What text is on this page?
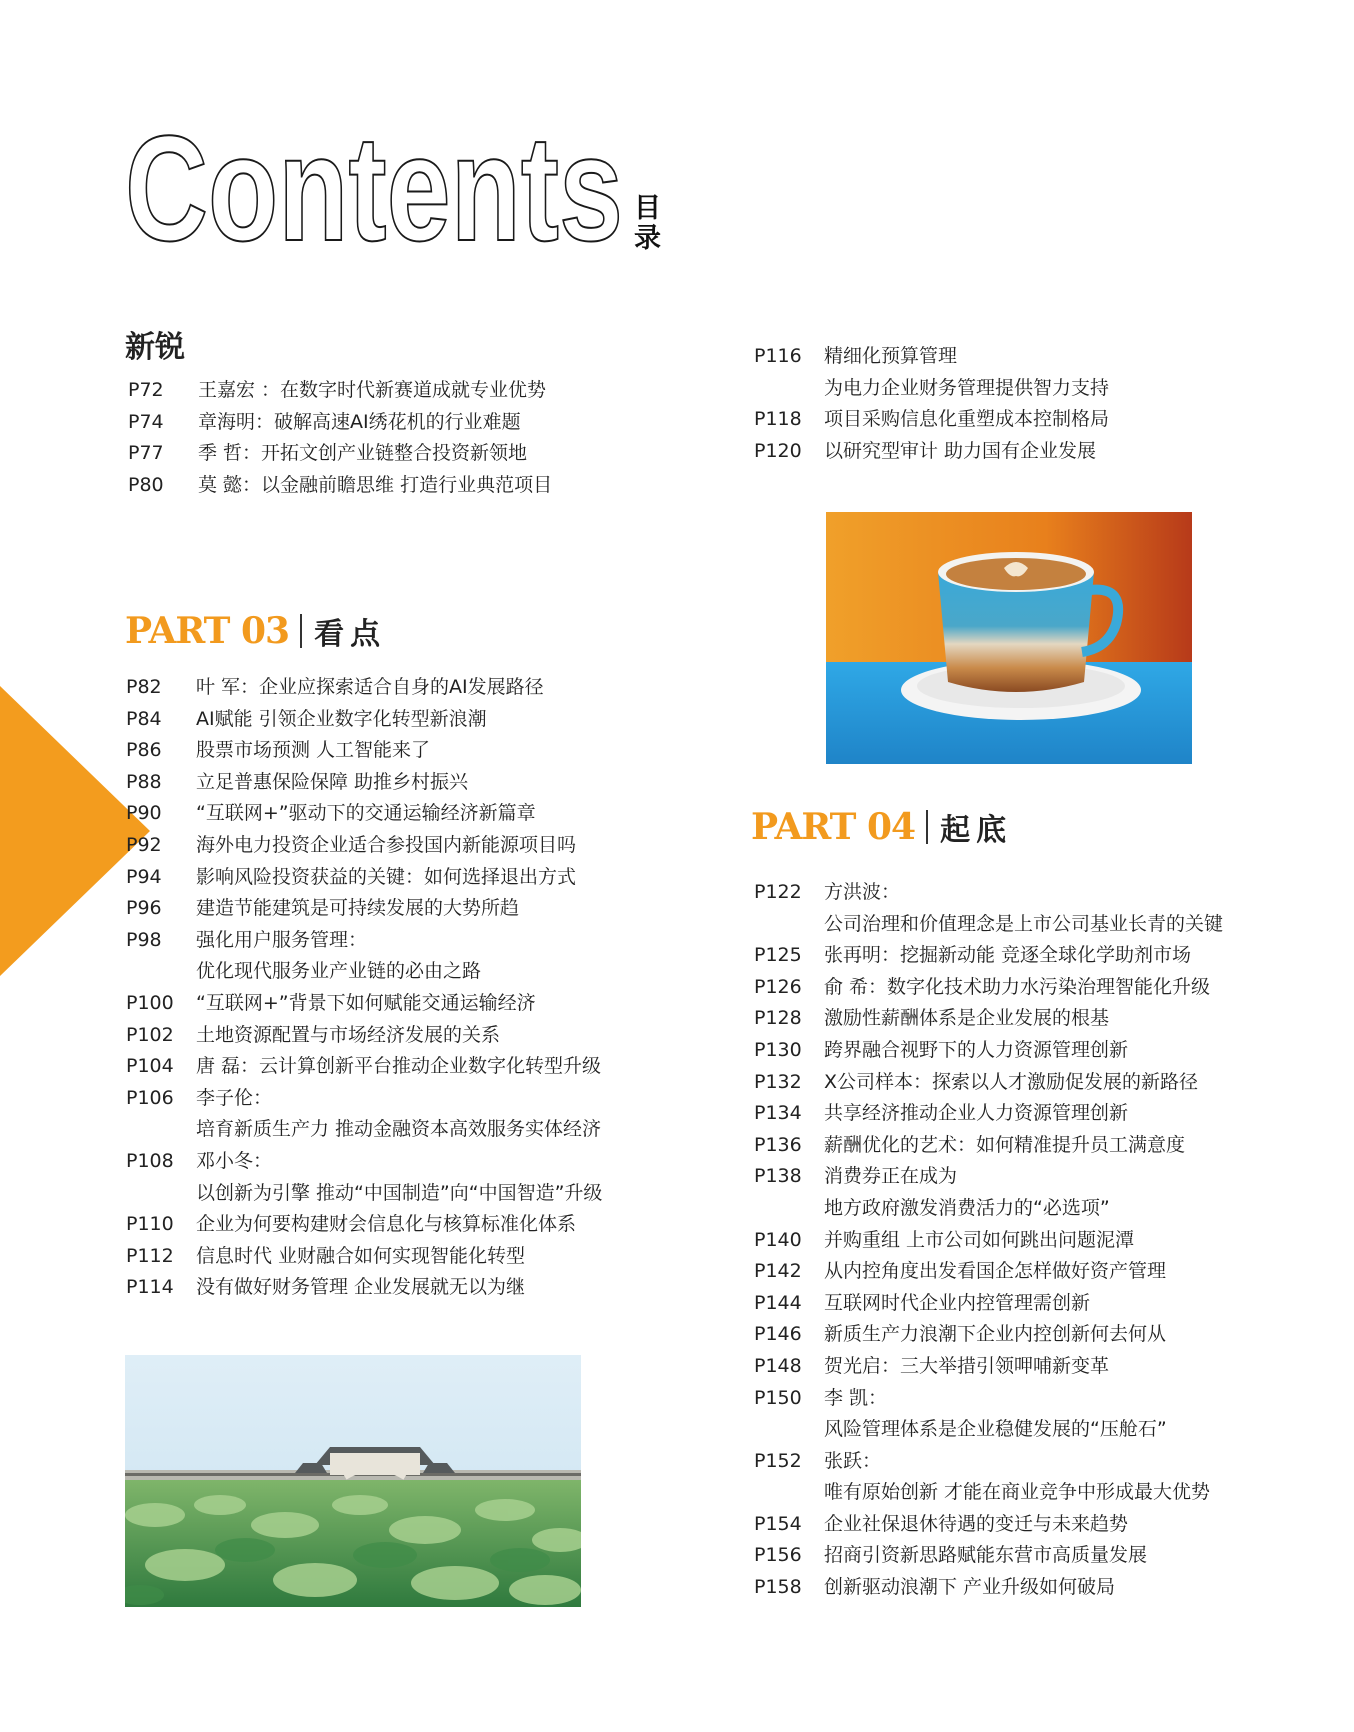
Contents 目
录
新锐
P72	王嘉宏 ：在数字时代新赛道成就专业优势
P74	章海明：破解高速AI绣花机的行业难题
P77	季 哲：开拓文创产业链整合投资新领地
P80	莫 懿：以金融前瞻思维 打造行业典范项目
PART 03 看点
P82	叶 军：企业应探索适合自身的AI发展路径
P84	AI赋能 引领企业数字化转型新浪潮
P86	股票市场预测 人工智能来了
P88	立足普惠保险保障 助推乡村振兴
P90	“互联网+”驱动下的交通运输经济新篇章
P92	海外电力投资企业适合参投国内新能源项目吗
P94	影响风险投资获益的关键：如何选择退出方式
P96	建造节能建筑是可持续发展的大势所趋
P98	强化用户服务管理：
优化现代服务业产业链的必由之路
P100	“互联网+”背景下如何赋能交通运输经济
P102	土地资源配置与市场经济发展的关系
P104	唐 磊：云计算创新平台推动企业数字化转型升级
P106	李子伦：
培育新质生产力 推动金融资本高效服务实体经济
P108	邓小冬：
以创新为引擎 推动“中国制造”向“中国智造”升级
P110	企业为何要构建财会信息化与核算标准化体系
P112	信息时代 业财融合如何实现智能化转型
P114	没有做好财务管理 企业发展就无以为继
P116	精细化预算管理
为电力企业财务管理提供智力支持
P118	项目采购信息化重塑成本控制格局
P120	以研究型审计 助力国有企业发展
PART 04 起底
P122	方洪波：
公司治理和价值理念是上市公司基业长青的关键
P125	张再明：挖掘新动能 竞逐全球化学助剂市场
P126	俞 希：数字化技术助力水污染治理智能化升级
P128	激励性薪酬体系是企业发展的根基
P130	跨界融合视野下的人力资源管理创新
P132	X公司样本：探索以人才激励促发展的新路径
P134	共享经济推动企业人力资源管理创新
P136	薪酬优化的艺术：如何精准提升员工满意度
P138	消费券正在成为
地方政府激发消费活力的“必选项”
P140	并购重组 上市公司如何跳出问题泥潭
P142	从内控角度出发看国企怎样做好资产管理
P144	互联网时代企业内控管理需创新
P146	新质生产力浪潮下企业内控创新何去何从
P148	贺光启：三大举措引领呷哺新变革
P150	李 凯：
风险管理体系是企业稳健发展的“压舱石”
P152	张跃：
唯有原始创新 才能在商业竞争中形成最大优势
P154	企业社保退休待遇的变迁与未来趋势
P156	招商引资新思路赋能东营市高质量发展
P158	创新驱动浪潮下 产业升级如何破局
